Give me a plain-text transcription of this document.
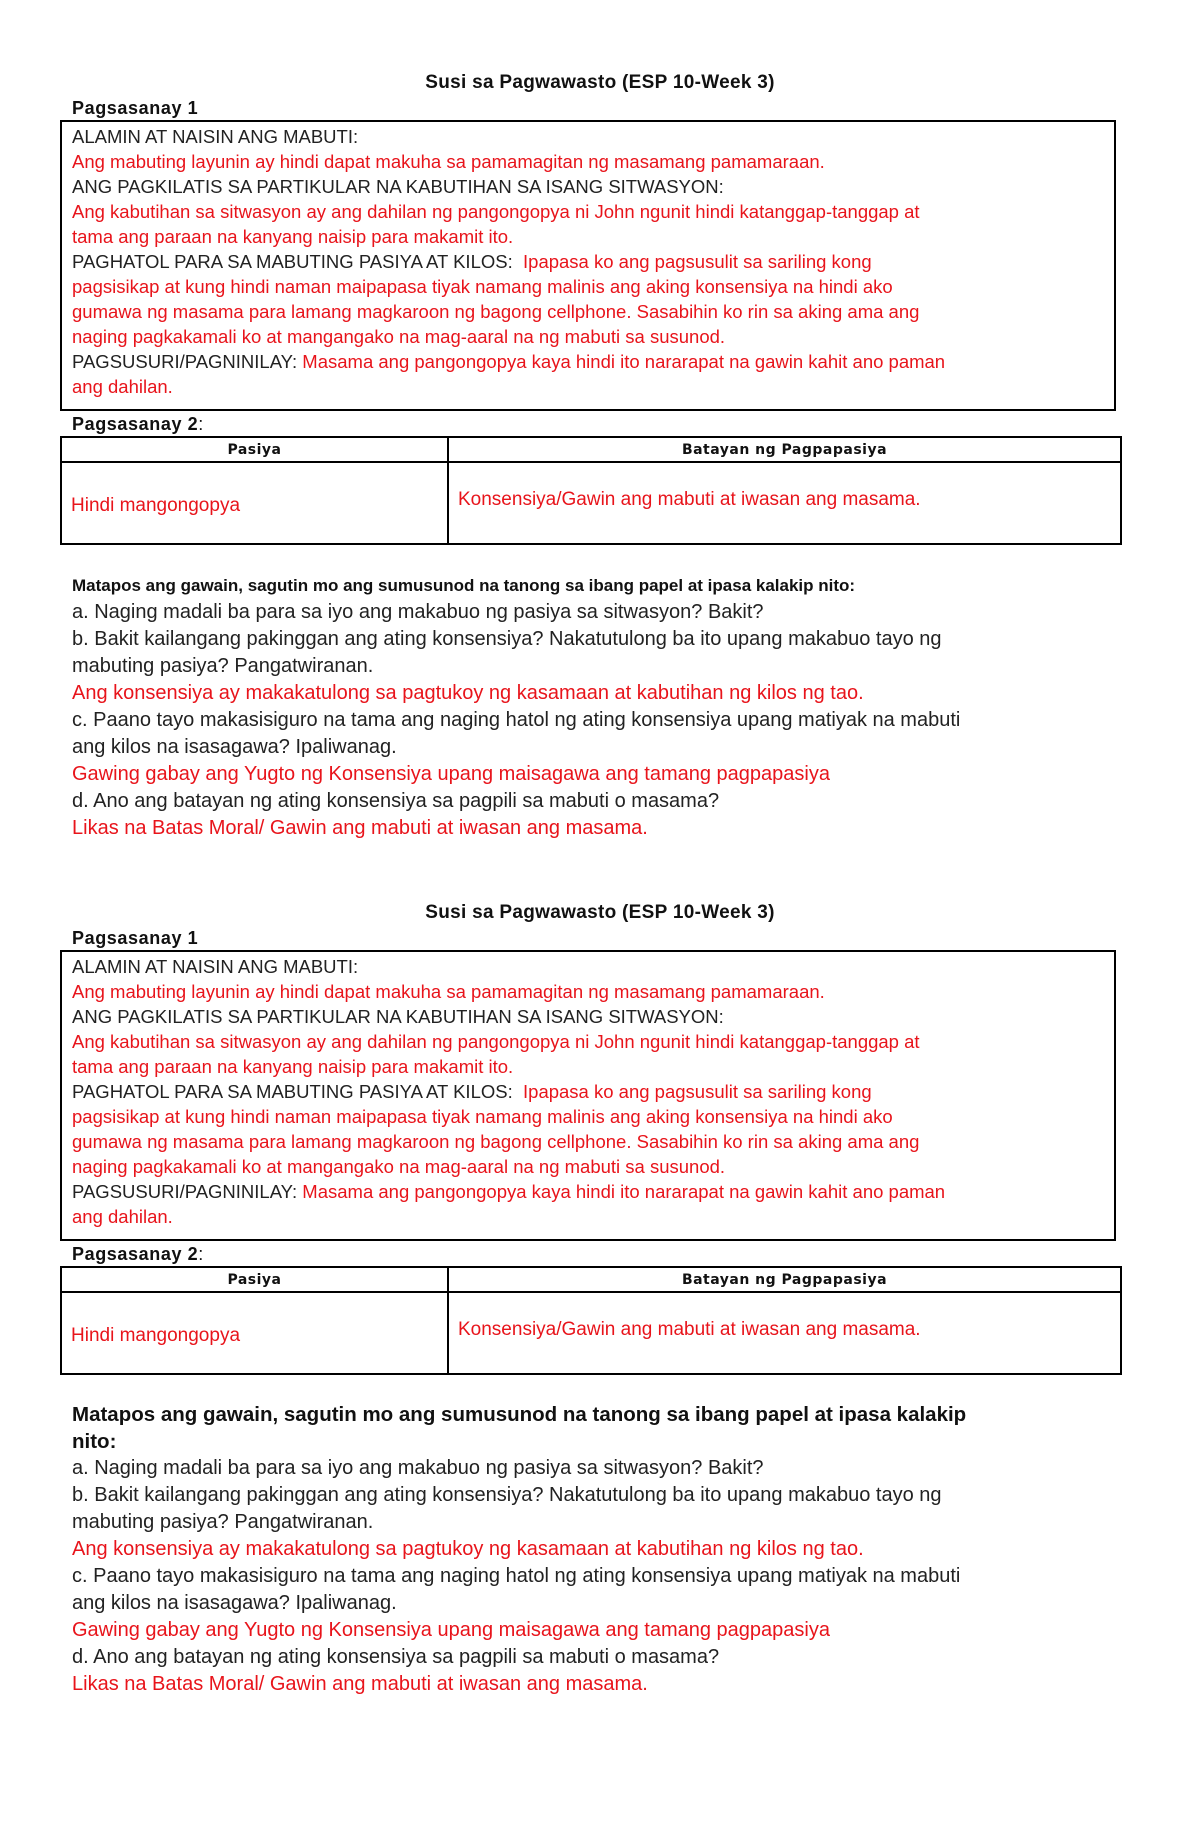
Susi sa Pagwawasto (ESP 10-Week 3)
Pagsasanay 1
ALAMIN AT NAISIN ANG MABUTI:
Ang mabuting layunin ay hindi dapat makuha sa pamamagitan ng masamang pamamaraan.
ANG PAGKILATIS SA PARTIKULAR NA KABUTIHAN SA ISANG SITWASYON:
Ang kabutihan sa sitwasyon ay ang dahilan ng pangongopya ni John ngunit hindi katanggap-tanggap at
tama ang paraan na kanyang naisip para makamit ito.
PAGHATOL PARA SA MABUTING PASIYA AT KILOS: Ipapasa ko ang pagsusulit sa sariling kong
pagsisikap at kung hindi naman maipapasa tiyak namang malinis ang aking konsensiya na hindi ako
gumawa ng masama para lamang magkaroon ng bagong cellphone. Sasabihin ko rin sa aking ama ang
naging pagkakamali ko at mangangako na mag-aaral na ng mabuti sa susunod.
PAGSUSURI/PAGNINILAY: Masama ang pangongopya kaya hindi ito nararapat na gawin kahit ano paman
ang dahilan.
Pagsasanay 2:
Pasiya	Batayan ng Pagpapasiya
Hindi mangongopya	Konsensiya/Gawin ang mabuti at iwasan ang masama.
Matapos ang gawain, sagutin mo ang sumusunod na tanong sa ibang papel at ipasa kalakip nito:
a. Naging madali ba para sa iyo ang makabuo ng pasiya sa sitwasyon? Bakit?
b. Bakit kailangang pakinggan ang ating konsensiya? Nakatutulong ba ito upang makabuo tayo ng
mabuting pasiya? Pangatwiranan.
Ang konsensiya ay makakatulong sa pagtukoy ng kasamaan at kabutihan ng kilos ng tao.
c. Paano tayo makasisiguro na tama ang naging hatol ng ating konsensiya upang matiyak na mabuti
ang kilos na isasagawa? Ipaliwanag.
Gawing gabay ang Yugto ng Konsensiya upang maisagawa ang tamang pagpapasiya
d. Ano ang batayan ng ating konsensiya sa pagpili sa mabuti o masama?
Likas na Batas Moral/ Gawin ang mabuti at iwasan ang masama.
Susi sa Pagwawasto (ESP 10-Week 3)
Pagsasanay 1
ALAMIN AT NAISIN ANG MABUTI:
Ang mabuting layunin ay hindi dapat makuha sa pamamagitan ng masamang pamamaraan.
ANG PAGKILATIS SA PARTIKULAR NA KABUTIHAN SA ISANG SITWASYON:
Ang kabutihan sa sitwasyon ay ang dahilan ng pangongopya ni John ngunit hindi katanggap-tanggap at
tama ang paraan na kanyang naisip para makamit ito.
PAGHATOL PARA SA MABUTING PASIYA AT KILOS: Ipapasa ko ang pagsusulit sa sariling kong
pagsisikap at kung hindi naman maipapasa tiyak namang malinis ang aking konsensiya na hindi ako
gumawa ng masama para lamang magkaroon ng bagong cellphone. Sasabihin ko rin sa aking ama ang
naging pagkakamali ko at mangangako na mag-aaral na ng mabuti sa susunod.
PAGSUSURI/PAGNINILAY: Masama ang pangongopya kaya hindi ito nararapat na gawin kahit ano paman
ang dahilan.
Pagsasanay 2:
Pasiya	Batayan ng Pagpapasiya
Hindi mangongopya	Konsensiya/Gawin ang mabuti at iwasan ang masama.
Matapos ang gawain, sagutin mo ang sumusunod na tanong sa ibang papel at ipasa kalakip
nito:
a. Naging madali ba para sa iyo ang makabuo ng pasiya sa sitwasyon? Bakit?
b. Bakit kailangang pakinggan ang ating konsensiya? Nakatutulong ba ito upang makabuo tayo ng
mabuting pasiya? Pangatwiranan.
Ang konsensiya ay makakatulong sa pagtukoy ng kasamaan at kabutihan ng kilos ng tao.
c. Paano tayo makasisiguro na tama ang naging hatol ng ating konsensiya upang matiyak na mabuti
ang kilos na isasagawa? Ipaliwanag.
Gawing gabay ang Yugto ng Konsensiya upang maisagawa ang tamang pagpapasiya
d. Ano ang batayan ng ating konsensiya sa pagpili sa mabuti o masama?
Likas na Batas Moral/ Gawin ang mabuti at iwasan ang masama.
